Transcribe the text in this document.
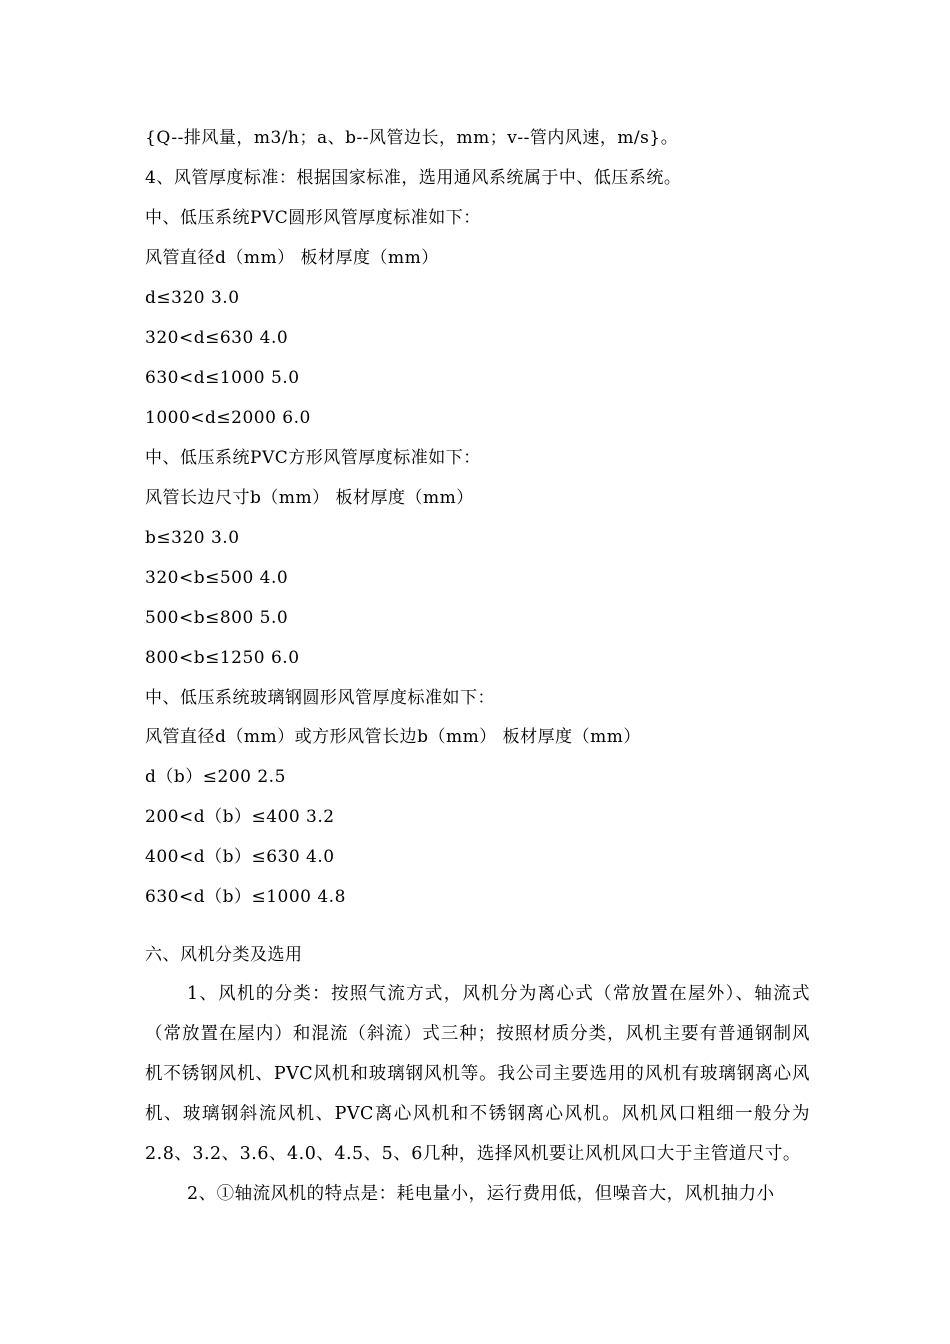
{Q--排风量，m3/h；a、b--风管边长，mm；v--管内风速，m/s}。
4、风管厚度标准：根据国家标准，选用通风系统属于中、低压系统。
中、低压系统PVC圆形风管厚度标准如下：
风管直径d（mm） 板材厚度（mm）
d≤320 3.0
320<d≤630 4.0
630<d≤1000 5.0
1000<d≤2000 6.0
中、低压系统PVC方形风管厚度标准如下：
风管长边尺寸b（mm） 板材厚度（mm）
b≤320 3.0
320<b≤500 4.0
500<b≤800 5.0
800<b≤1250 6.0
中、低压系统玻璃钢圆形风管厚度标准如下：
风管直径d（mm）或方形风管长边b（mm） 板材厚度（mm）
d（b）≤200 2.5
200<d（b）≤400 3.2
400<d（b）≤630 4.0
630<d（b）≤1000 4.8
六、风机分类及选用
1、风机的分类：按照气流方式，风机分为离心式（常放置在屋外）、轴流式（常放置在屋内）和混流（斜流）式三种；按照材质分类，风机主要有普通钢制风机不锈钢风机、PVC风机和玻璃钢风机等。我公司主要选用的风机有玻璃钢离心风机、玻璃钢斜流风机、PVC离心风机和不锈钢离心风机。风机风口粗细一般分为2.8、3.2、3.6、4.0、4.5、5、6几种，选择风机要让风机风口大于主管道尺寸。
2、①轴流风机的特点是：耗电量小，运行费用低，但噪音大，风机抽力小
